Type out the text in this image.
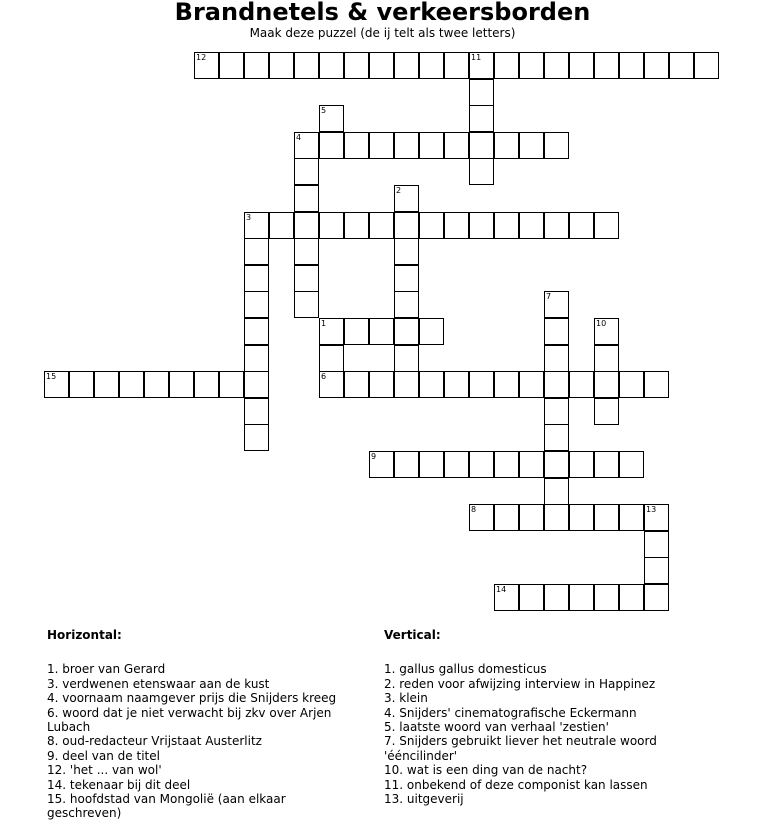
Brandnetels & verkeersborden

Maak deze puzzel (de ij telt als twee letters)

12	11
5
4
2
3
7
1
6
10
15
9
8	13
14
Horizontal:
1. broer van Gerard
3. verdwenen etenswaar aan de kust
4. voornaam naamgever prijs die Snijders kreeg
6. woord dat je niet verwacht bij zkv over Arjen Lubach
8. oud-redacteur Vrijstaat Austerlitz
9. deel van de titel
12. 'het ... van wol'
14. tekenaar bij dit deel
15. hoofdstad van Mongolië (aan elkaar geschreven)
Vertical:
1. gallus gallus domesticus
2. reden voor afwijzing interview in Happinez
3. klein
4. Snijders' cinematografische Eckermann
5. laatste woord van verhaal 'zestien'
7. Snijders gebruikt liever het neutrale woord 'ééncilinder'
10. wat is een ding van de nacht?
11. onbekend of deze componist kan lassen
13. uitgeverij
